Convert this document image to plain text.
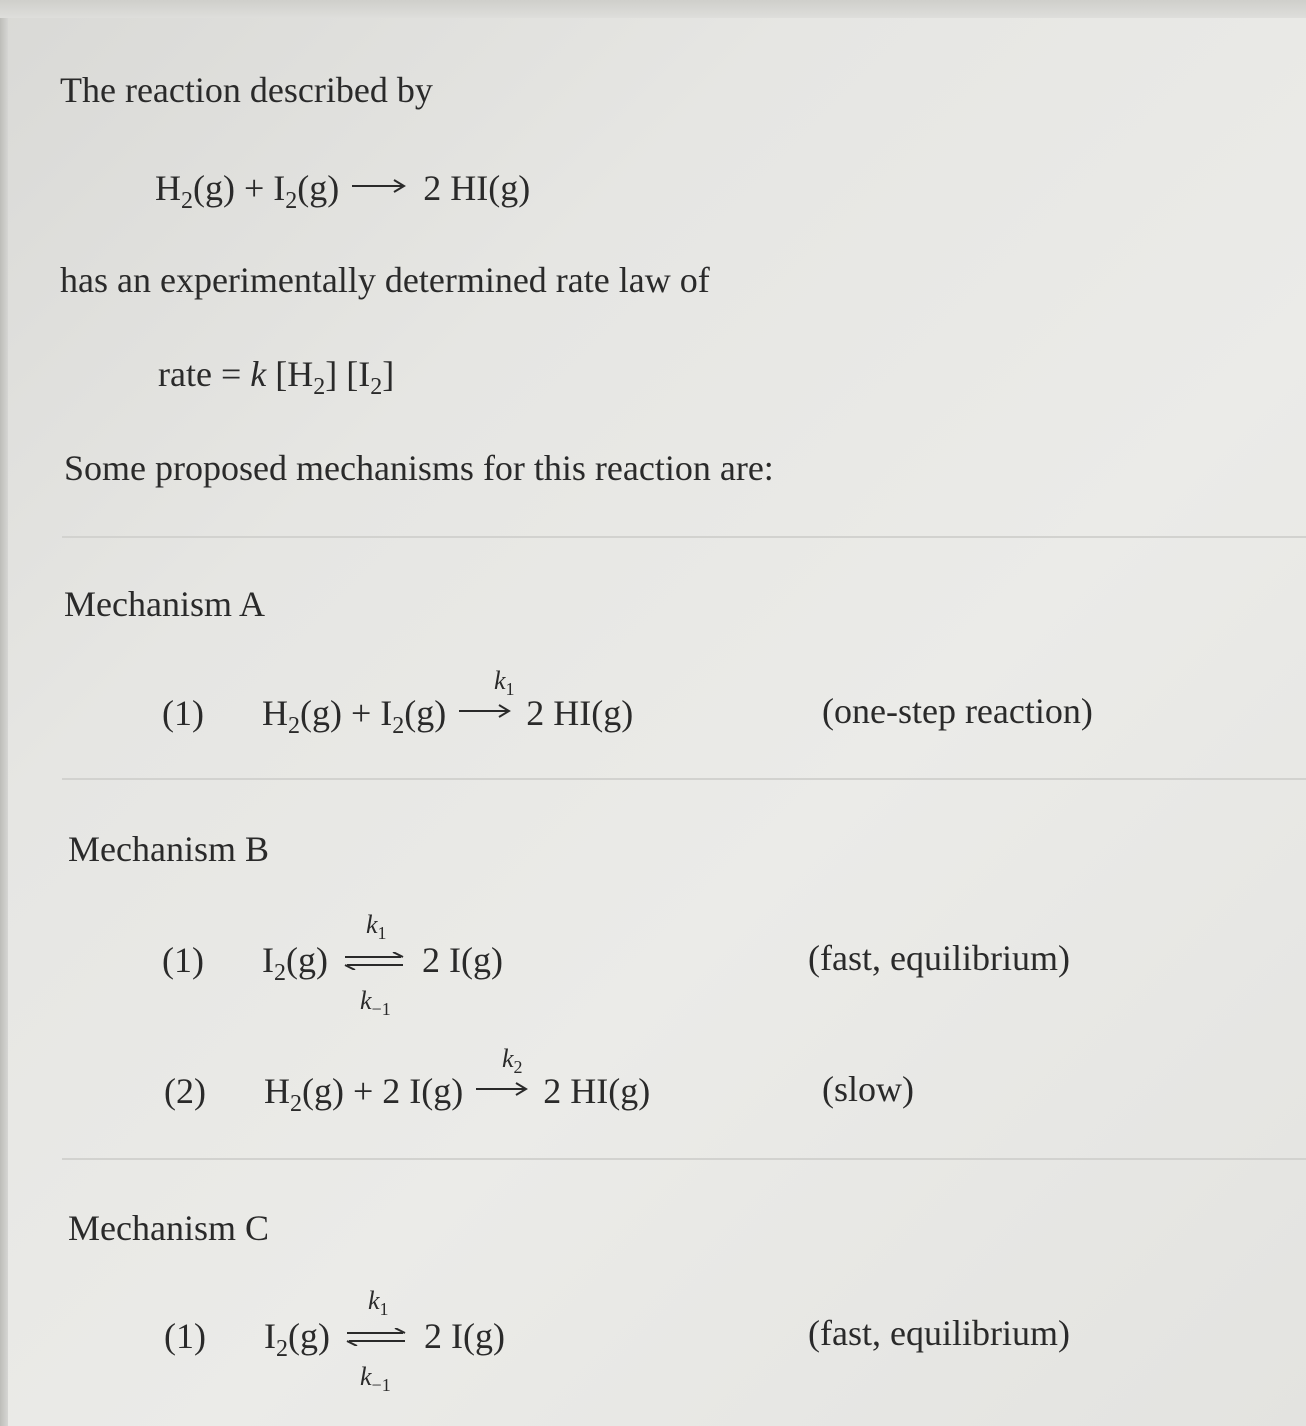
The reaction described by
$H_2(g) + I_2(g) \to 2$ HI(g)
has an experimentally determined rate law of
rate = k $[H_2]$ $[I_2]$
Some proposed mechanisms for this reaction are:
Mechanism A
(1) $H_2(g) + I_2(g) \to 2$ HI(g)
$k_1$
(one-step reaction)
Mechanism B
(1) $I_2(g)$ ⇌ 2 I(g)
$k_1$
$k_{-1}$
(fast, equilibrium)
(2) $H_2(g) + 2$ I(g) → 2 HI(g)
$k_2$
(slow)
Mechanism C
(1) $I_2(g)$ ⇌ 2 I(g)
$k_1$
$k_{-1}$
(fast, equilibrium)
